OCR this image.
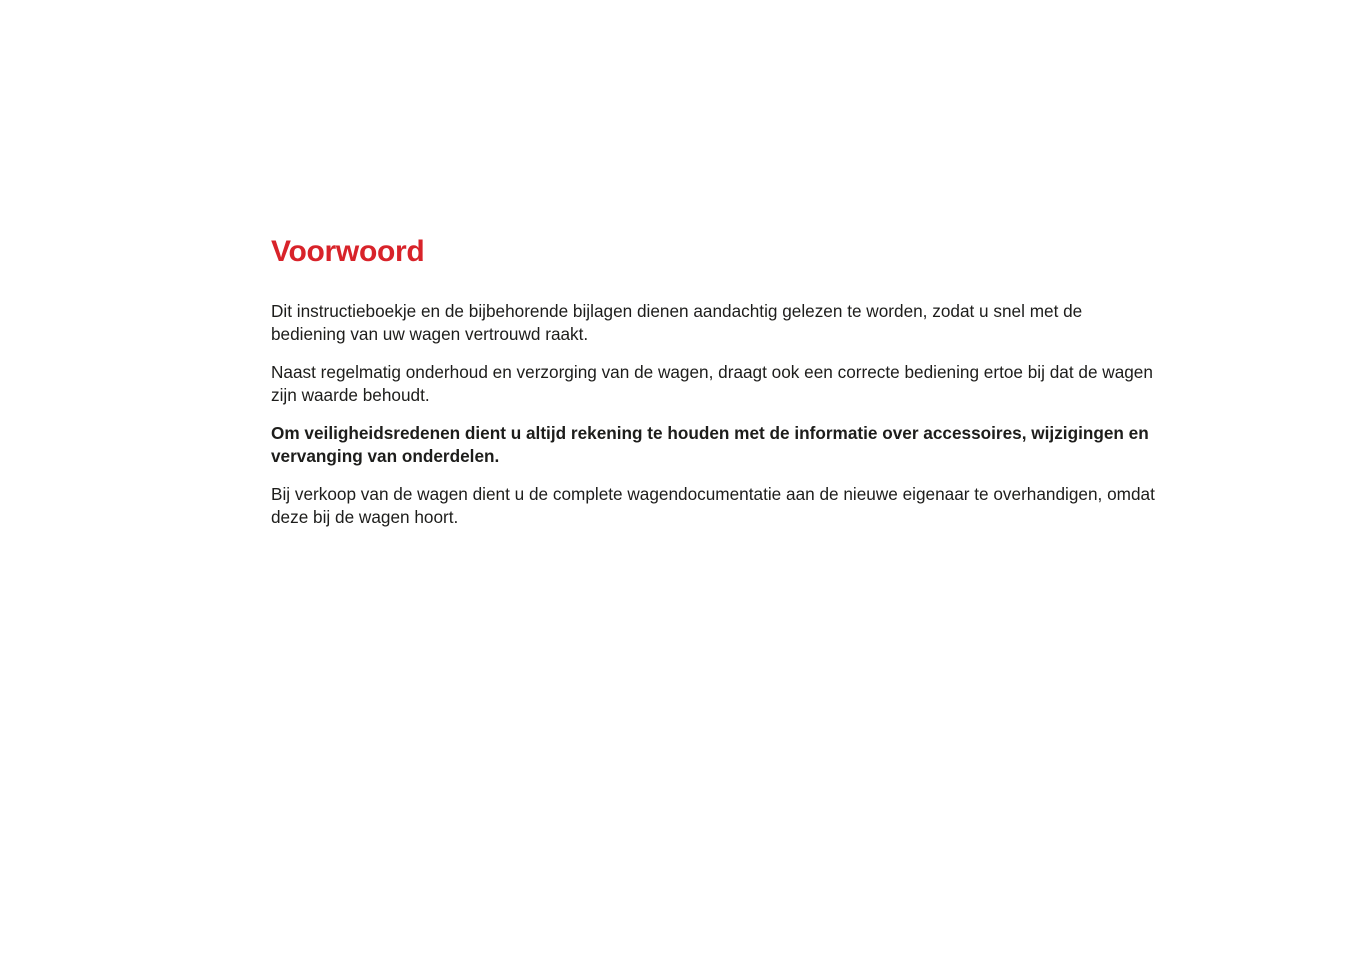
Voorwoord

Dit instructieboekje en de bijbehorende bijlagen dienen aandachtig gelezen te worden, zodat u snel met de bediening van uw wagen vertrouwd raakt.

Naast regelmatig onderhoud en verzorging van de wagen, draagt ook een correcte bediening ertoe bij dat de wagen zijn waarde behoudt.

Om veiligheidsredenen dient u altijd rekening te houden met de informatie over accessoires, wijzigingen en vervanging van onderdelen.

Bij verkoop van de wagen dient u de complete wagendocumentatie aan de nieuwe eigenaar te overhandigen, omdat deze bij de wagen hoort.
